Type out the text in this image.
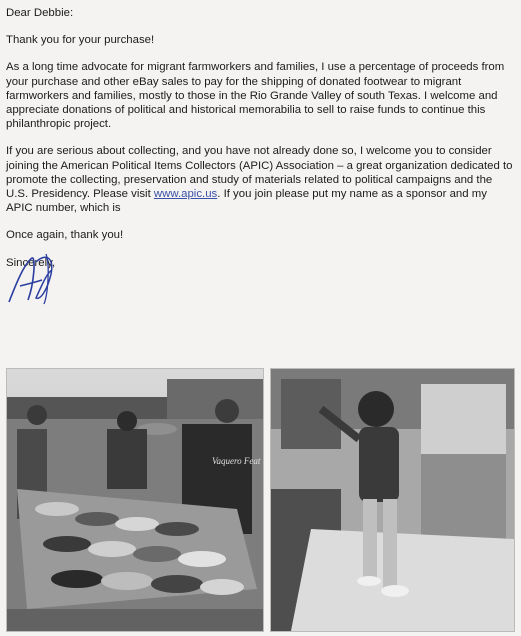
Dear Debbie:

Thank you for your purchase!

As a long time advocate for migrant farmworkers and families, I use a percentage of proceeds from your purchase and other eBay sales to pay for the shipping of donated footwear to migrant farmworkers and families, mostly to those in the Rio Grande Valley of south Texas. I welcome and appreciate donations of political and historical memorabilia to sell to raise funds to continue this philanthropic project.

If you are serious about collecting, and you have not already done so, I welcome you to consider joining the American Political Items Collectors (APIC) Association – a great organization dedicated to promote the collecting, preservation and study of materials related to political campaigns and the U.S. Presidency. Please visit www.apic.us. If you join please put my name as a sponsor and my APIC number, which is

Once again, thank you!

Sincerely,

Vaquero Feat
